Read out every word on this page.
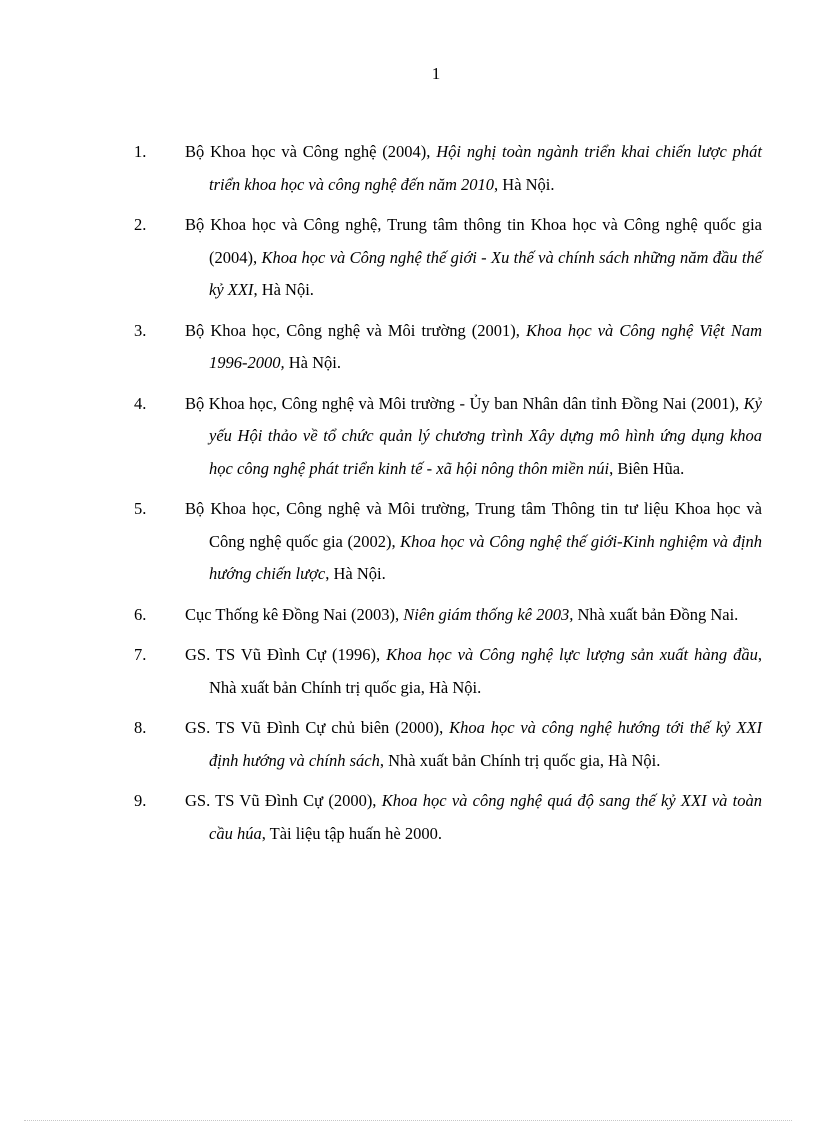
1
1. Bộ Khoa học và Công nghệ (2004), Hội nghị toàn ngành triển khai chiến lược phát triển khoa học và công nghệ đến năm 2010, Hà Nội.
2. Bộ Khoa học và Công nghệ, Trung tâm thông tin Khoa học và Công nghệ quốc gia (2004), Khoa học và Công nghệ thế giới - Xu thế và chính sách những năm đầu thế kỷ XXI, Hà Nội.
3. Bộ Khoa học, Công nghệ và Môi trường (2001), Khoa học và Công nghệ Việt Nam 1996-2000, Hà Nội.
4. Bộ Khoa học, Công nghệ và Môi trường - Ủy ban Nhân dân tỉnh Đồng Nai (2001), Kỷ yếu Hội thảo về tổ chức quản lý chương trình Xây dựng mô hình ứng dụng khoa học công nghệ phát triển kinh tế - xã hội nông thôn miền núi, Biên Hũa.
5. Bộ Khoa học, Công nghệ và Môi trường, Trung tâm Thông tin tư liệu Khoa học và Công nghệ quốc gia (2002), Khoa học và Công nghệ thế giới-Kinh nghiệm và định hướng chiến lược, Hà Nội.
6. Cục Thống kê Đồng Nai (2003), Niên giám thống kê 2003, Nhà xuất bản Đồng Nai.
7. GS. TS Vũ Đình Cự (1996), Khoa học và Công nghệ lực lượng sản xuất hàng đầu, Nhà xuất bản Chính trị quốc gia, Hà Nội.
8. GS. TS Vũ Đình Cự chủ biên (2000), Khoa học và công nghệ hướng tới thế kỷ XXI định hướng và chính sách, Nhà xuất bản Chính trị quốc gia, Hà Nội.
9. GS. TS Vũ Đình Cự (2000), Khoa học và công nghệ quá độ sang thế kỷ XXI và toàn cầu húa, Tài liệu tập huấn hè 2000.
